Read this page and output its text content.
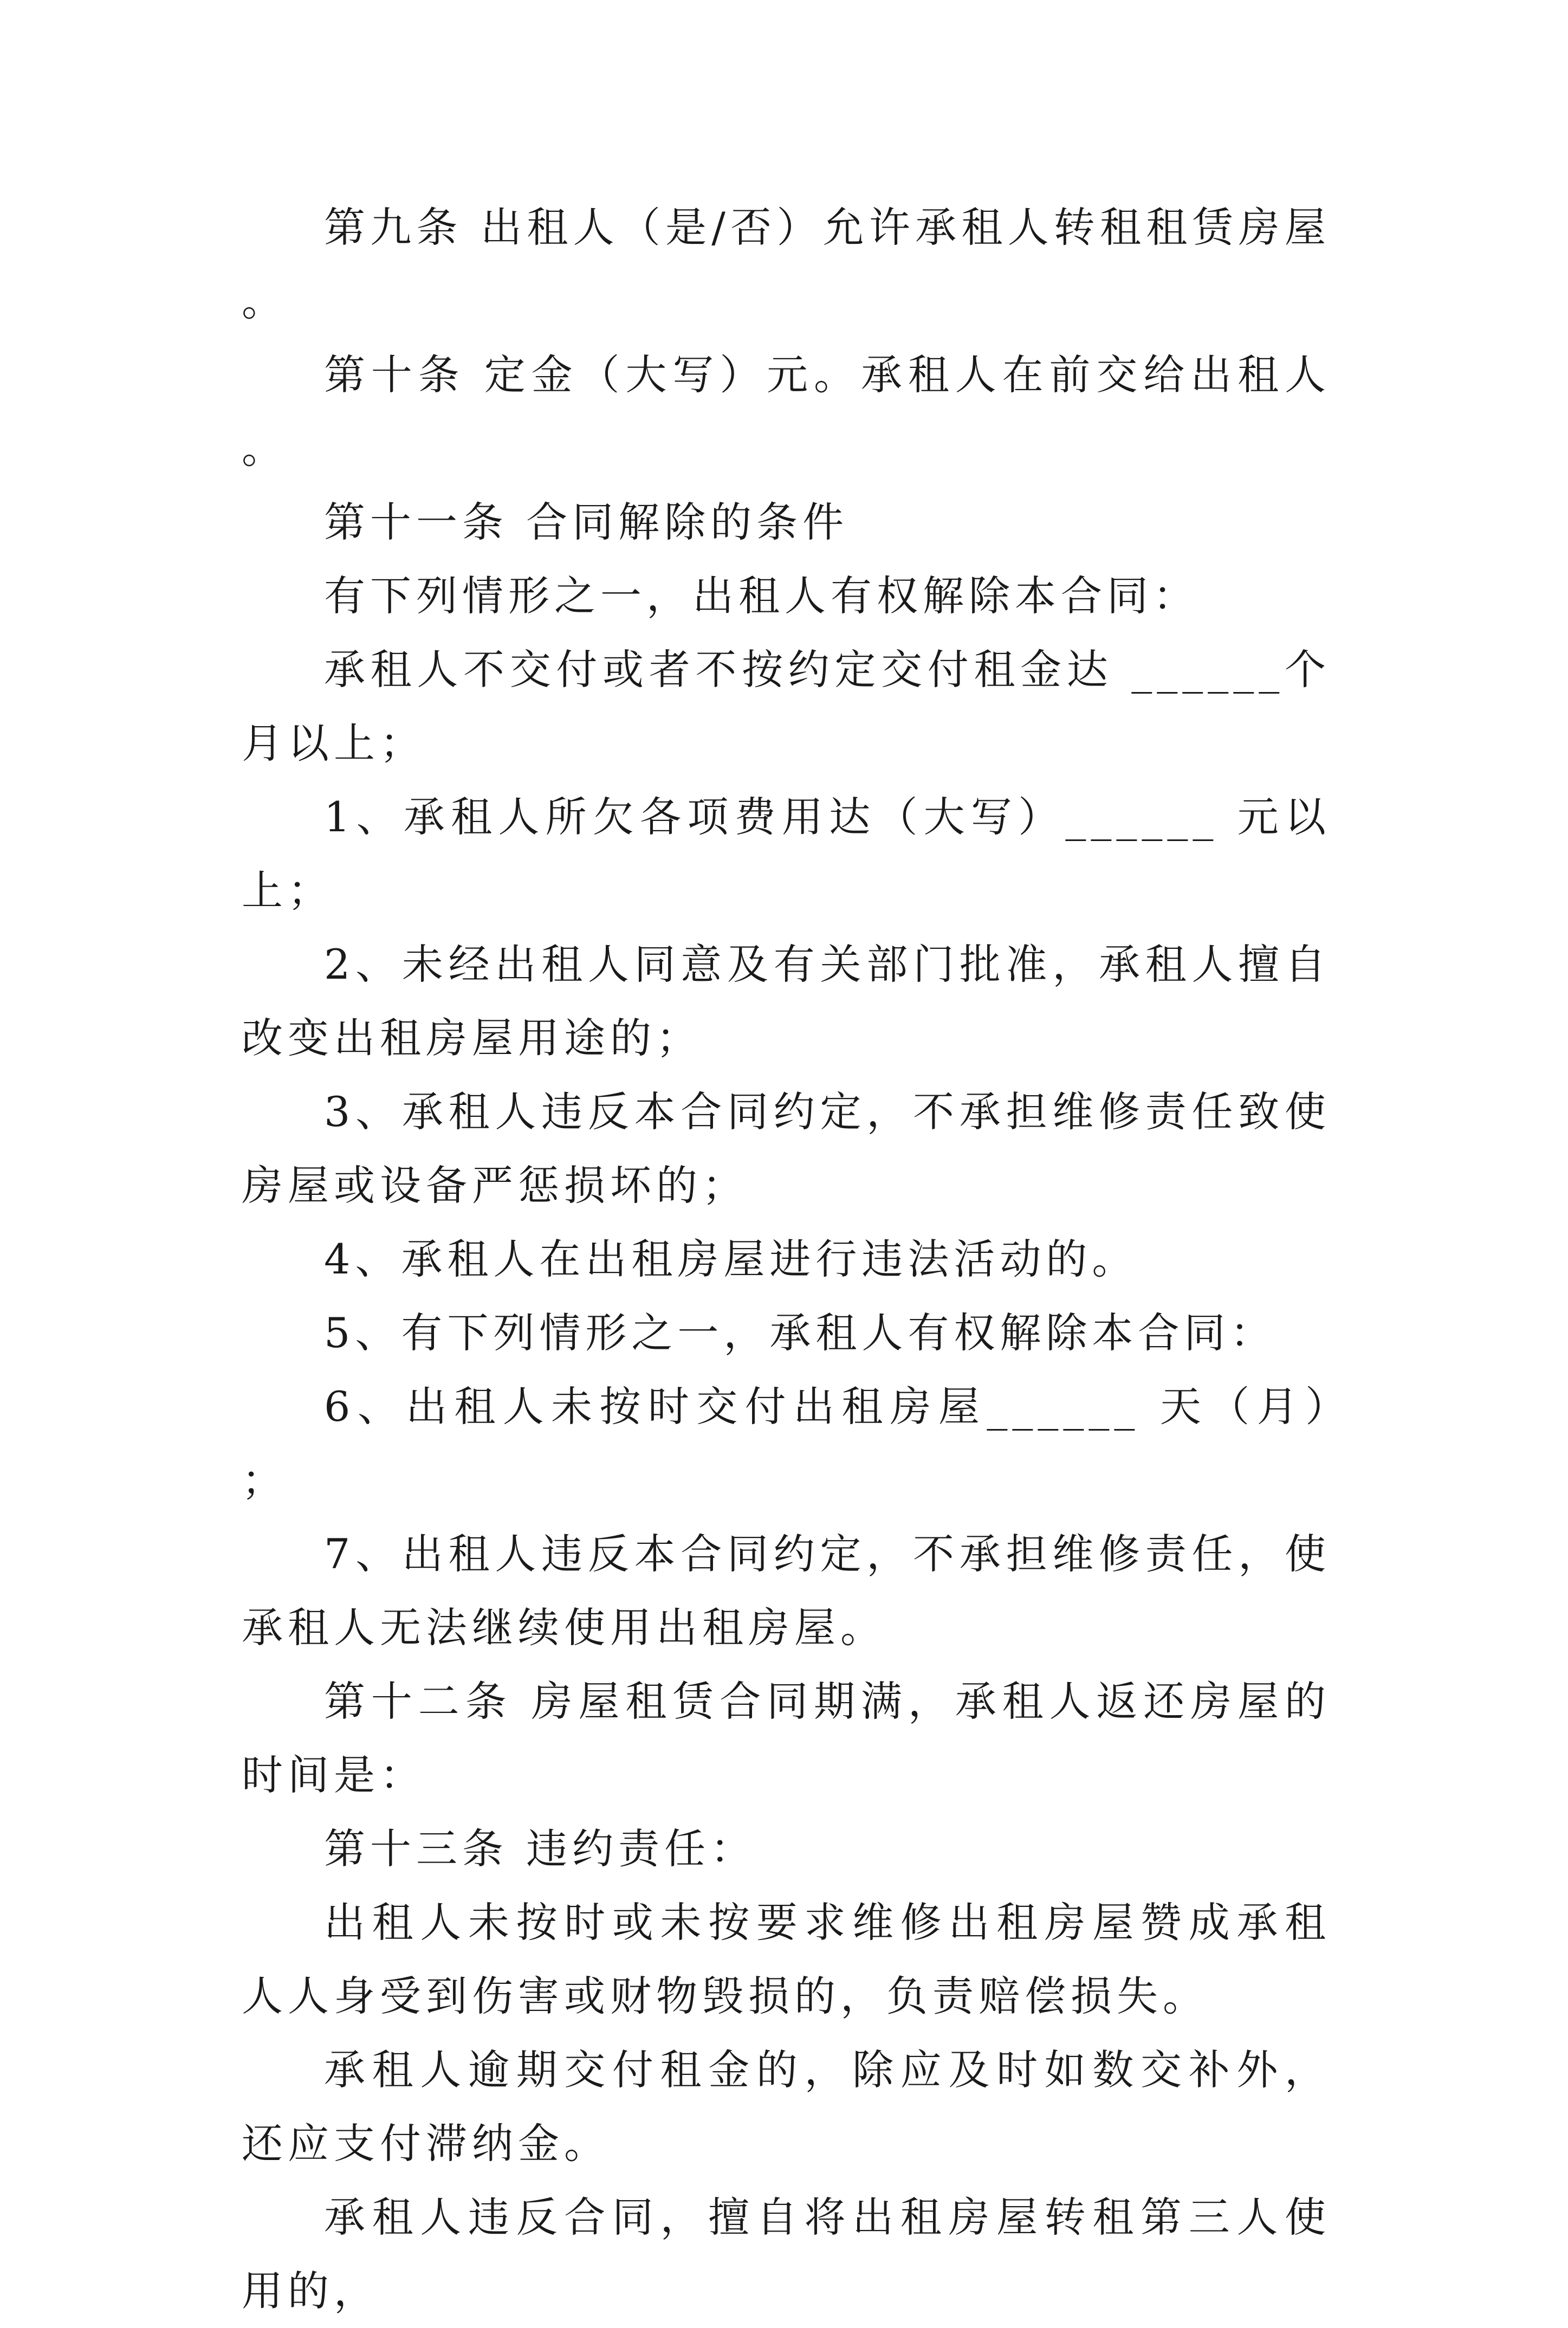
第九条 出租人（是/否）允许承租人转租租赁房屋。

第十条 定金（大写）元。承租人在前交给出租人。

第十一条 合同解除的条件

有下列情形之一，出租人有权解除本合同：

承租人不交付或者不按约定交付租金达 ______个月以上；

1、承租人所欠各项费用达（大写）______ 元以上；

2、未经出租人同意及有关部门批准，承租人擅自改变出租房屋用途的；

3、承租人违反本合同约定，不承担维修责任致使房屋或设备严惩损坏的；

4、承租人在出租房屋进行违法活动的。

5、有下列情形之一，承租人有权解除本合同：

6、出租人未按时交付出租房屋______ 天（月）；

7、出租人违反本合同约定，不承担维修责任，使承租人无法继续使用出租房屋。

第十二条 房屋租赁合同期满，承租人返还房屋的时间是：

第十三条 违约责任：

出租人未按时或未按要求维修出租房屋赞成承租人人身受到伤害或财物毁损的，负责赔偿损失。

承租人逾期交付租金的，除应及时如数交补外，还应支付滞纳金。

承租人违反合同，擅自将出租房屋转租第三人使用的，
